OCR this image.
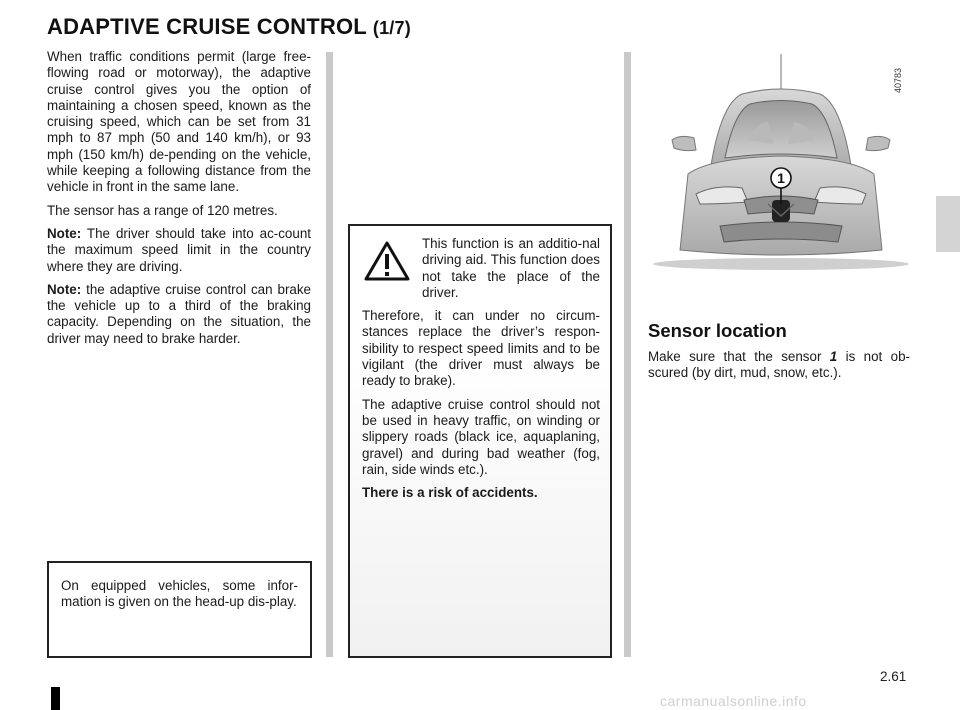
ADAPTIVE CRUISE CONTROL (1/7)

When traffic conditions permit (large free-flowing road or motorway), the adaptive cruise control gives you the option of maintaining a chosen speed, known as the cruising speed, which can be set from 31 mph to 87 mph (50 and 140 km/h), or 93 mph (150 km/h) de-pending on the vehicle, while keeping a following distance from the vehicle in front in the same lane.

The sensor has a range of 120 metres.

Note: The driver should take into ac-count the maximum speed limit in the country where they are driving.

Note: the adaptive cruise control can brake the vehicle up to a third of the braking capacity. Depending on the situation, the driver may need to brake harder.

On equipped vehicles, some infor-mation is given on the head-up dis-play.

This function is an additio-nal driving aid. This function does not take the place of the driver.

Therefore, it can under no circum-stances replace the driver’s respon-sibility to respect speed limits and to be vigilant (the driver must always be ready to brake).

The adaptive cruise control should not be used in heavy traffic, on winding or slippery roads (black ice, aquaplaning, gravel) and during bad weather (fog, rain, side winds etc.).

There is a risk of accidents.

1
40783
Sensor location
Make sure that the sensor 1 is not ob-scured (by dirt, mud, snow, etc.).
2.61
carmanualsonline.info
